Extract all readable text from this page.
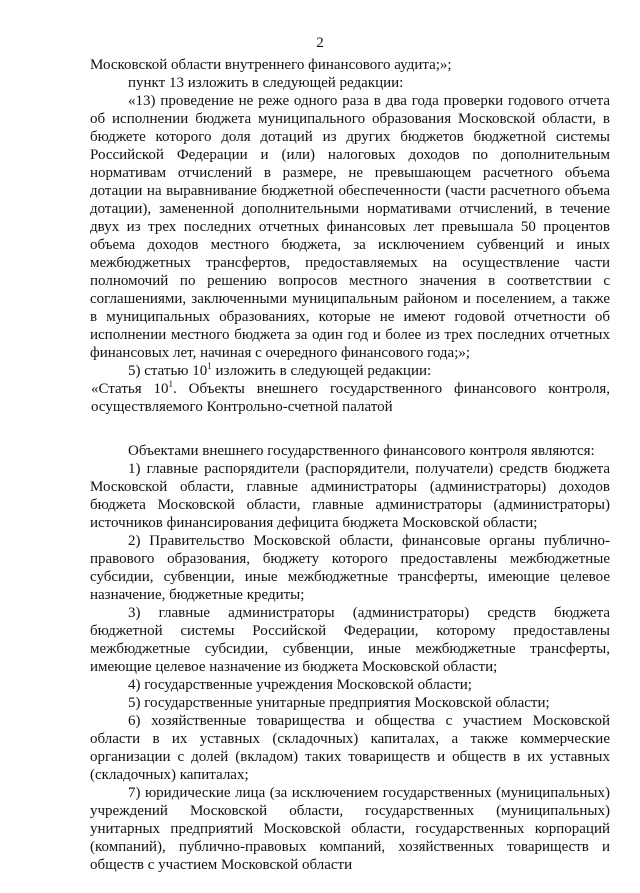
2

Московской области внутреннего финансового аудита;»;

пункт 13 изложить в следующей редакции:

«13) проведение не реже одного раза в два года проверки годового отчета об исполнении бюджета муниципального образования Московской области, в бюджете которого доля дотаций из других бюджетов бюджетной системы Российской Федерации и (или) налоговых доходов по дополнительным нормативам отчислений в размере, не превышающем расчетного объема дотации на выравнивание бюджетной обеспеченности (части расчетного объема дотации), замененной дополнительными нормативами отчислений, в течение двух из трех последних отчетных финансовых лет превышала 50 процентов объема доходов местного бюджета, за исключением субвенций и иных межбюджетных трансфертов, предоставляемых на осуществление части полномочий по решению вопросов местного значения в соответствии с соглашениями, заключенными муниципальным районом и поселением, а также в муниципальных образованиях, которые не имеют годовой отчетности об исполнении местного бюджета за один год и более из трех последних отчетных финансовых лет, начиная с очередного финансового года;»;

5) статью $10^1$ изложить в следующей редакции:

«Статья $10^1$. Объекты внешнего государственного финансового контроля, осуществляемого Контрольно-счетной палатой

Объектами внешнего государственного финансового контроля являются:

1) главные распорядители (распорядители, получатели) средств бюджета Московской области, главные администраторы (администраторы) доходов бюджета Московской области, главные администраторы (администраторы) источников финансирования дефицита бюджета Московской области;

2) Правительство Московской области, финансовые органы публично-правового образования, бюджету которого предоставлены межбюджетные субсидии, субвенции, иные межбюджетные трансферты, имеющие целевое назначение, бюджетные кредиты;

3) главные администраторы (администраторы) средств бюджета бюджетной системы Российской Федерации, которому предоставлены межбюджетные субсидии, субвенции, иные межбюджетные трансферты, имеющие целевое назначение из бюджета Московской области;

4) государственные учреждения Московской области;

5) государственные унитарные предприятия Московской области;

6) хозяйственные товарищества и общества с участием Московской области в их уставных (складочных) капиталах, а также коммерческие организации с долей (вкладом) таких товариществ и обществ в их уставных (складочных) капиталах;

7) юридические лица (за исключением государственных (муниципальных) учреждений Московской области, государственных (муниципальных) унитарных предприятий Московской области, государственных корпораций (компаний), публично-правовых компаний, хозяйственных товариществ и обществ с участием Московской области
